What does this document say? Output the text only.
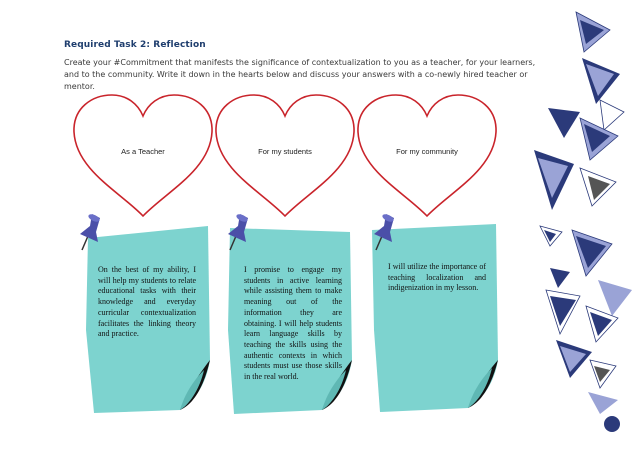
Required Task 2: Reflection
Create your #Commitment that manifests the significance of contextualization to you as a teacher, for your learners, and to the community. Write it down in the hearts below and discuss your answers with a co-newly hired teacher or mentor.
As a Teacher	For my students	For my community
On the best of my ability, I will help my students to relate educational tasks with their knowledge and everyday curricular contextualization facilitates the linking theory and practice.
I promise to engage my students in active learning while assisting them to make meaning out of the information they are obtaining. I will help students learn language skills by teaching the skills using the authentic contexts in which students must use those skills in the real world.
I will utilize the importance of teaching localization and indigenization in my lesson.
